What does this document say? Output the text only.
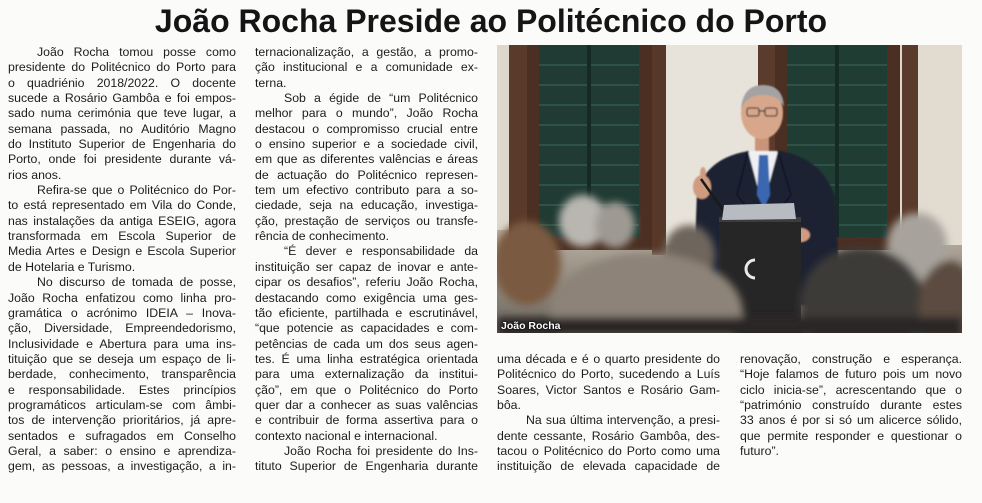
João Rocha Preside ao Politécnico do Porto
João Rocha tomou posse como
presidente do Politécnico do Porto para
o quadriénio 2018/2022. O docente
sucede a Rosário Gambôa e foi empos-
sado numa cerimónia que teve lugar, a
semana passada, no Auditório Magno
do Instituto Superior de Engenharia do
Porto, onde foi presidente durante vá-
rios anos.
Refira-se que o Politécnico do Por-
to está representado em Vila do Conde,
nas instalações da antiga ESEIG, agora
transformada em Escola Superior de
Media Artes e Design e Escola Superior
de Hotelaria e Turismo.
No discurso de tomada de posse,
João Rocha enfatizou como linha pro-
gramática o acrónimo IDEIA – Inova-
ção, Diversidade, Empreendedorismo,
Inclusividade e Abertura para uma ins-
tituição que se deseja um espaço de li-
berdade, conhecimento, transparência
e responsabilidade. Estes princípios
programáticos articulam-se com âmbi-
tos de intervenção prioritários, já apre-
sentados e sufragados em Conselho
Geral, a saber: o ensino e aprendiza-
gem, as pessoas, a investigação, a in-
ternacionalização, a gestão, a promo-
ção institucional e a comunidade ex-
terna.
Sob a égide de “um Politécnico
melhor para o mundo”, João Rocha
destacou o compromisso crucial entre
o ensino superior e a sociedade civil,
em que as diferentes valências e áreas
de actuação do Politécnico represen-
tem um efectivo contributo para a so-
ciedade, seja na educação, investiga-
ção, prestação de serviços ou transfe-
rência de conhecimento.
“É dever e responsabilidade da
instituição ser capaz de inovar e ante-
cipar os desafios”, referiu João Rocha,
destacando como exigência uma ges-
tão eficiente, partilhada e escrutinável,
“que potencie as capacidades e com-
petências de cada um dos seus agen-
tes. É uma linha estratégica orientada
para uma externalização da institui-
ção”, em que o Politécnico do Porto
quer dar a conhecer as suas valências
e contribuir de forma assertiva para o
contexto nacional e internacional.
João Rocha foi presidente do Ins-
tituto Superior de Engenharia durante
uma década e é o quarto presidente do
Politécnico do Porto, sucedendo a Luís
Soares, Victor Santos e Rosário Gam-
bôa.
Na sua última intervenção, a presi-
dente cessante, Rosário Gambôa, des-
tacou o Politécnico do Porto como uma
instituição de elevada capacidade de
renovação, construção e esperança.
“Hoje falamos de futuro pois um novo
ciclo inicia-se”, acrescentando que o
“património construído durante estes
33 anos é por si só um alicerce sólido,
que permite responder e questionar o
futuro”.
João Rocha
